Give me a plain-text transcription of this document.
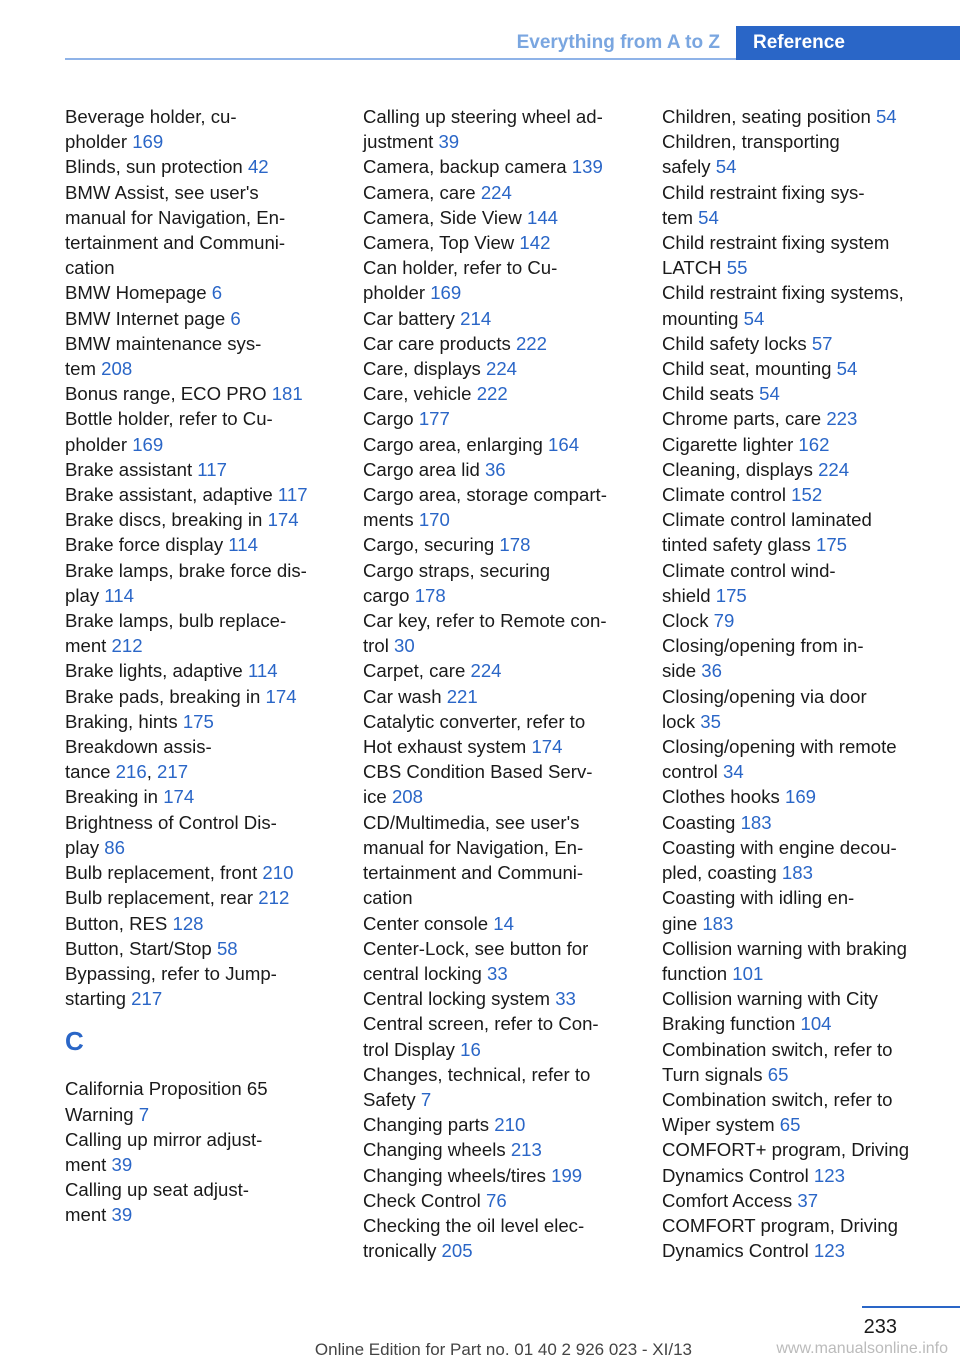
Everything from A to Z	Reference
Beverage holder, cu-
pholder 169
Blinds, sun protection 42
BMW Assist, see user's
manual for Navigation, En-
tertainment and Communi-
cation
BMW Homepage 6
BMW Internet page 6
BMW maintenance sys-
tem 208
Bonus range, ECO PRO 181
Bottle holder, refer to Cu-
pholder 169
Brake assistant 117
Brake assistant, adaptive 117
Brake discs, breaking in 174
Brake force display 114
Brake lamps, brake force dis-
play 114
Brake lamps, bulb replace-
ment 212
Brake lights, adaptive 114
Brake pads, breaking in 174
Braking, hints 175
Breakdown assis-
tance 216, 217
Breaking in 174
Brightness of Control Dis-
play 86
Bulb replacement, front 210
Bulb replacement, rear 212
Button, RES 128
Button, Start/Stop 58
Bypassing, refer to Jump-
starting 217
C
California Proposition 65
Warning 7
Calling up mirror adjust-
ment 39
Calling up seat adjust-
ment 39
Calling up steering wheel ad-
justment 39
Camera, backup camera 139
Camera, care 224
Camera, Side View 144
Camera, Top View 142
Can holder, refer to Cu-
pholder 169
Car battery 214
Car care products 222
Care, displays 224
Care, vehicle 222
Cargo 177
Cargo area, enlarging 164
Cargo area lid 36
Cargo area, storage compart-
ments 170
Cargo, securing 178
Cargo straps, securing
cargo 178
Car key, refer to Remote con-
trol 30
Carpet, care 224
Car wash 221
Catalytic converter, refer to
Hot exhaust system 174
CBS Condition Based Serv-
ice 208
CD/Multimedia, see user's
manual for Navigation, En-
tertainment and Communi-
cation
Center console 14
Center-Lock, see button for
central locking 33
Central locking system 33
Central screen, refer to Con-
trol Display 16
Changes, technical, refer to
Safety 7
Changing parts 210
Changing wheels 213
Changing wheels/tires 199
Check Control 76
Checking the oil level elec-
tronically 205
Children, seating position 54
Children, transporting
safely 54
Child restraint fixing sys-
tem 54
Child restraint fixing system
LATCH 55
Child restraint fixing systems,
mounting 54
Child safety locks 57
Child seat, mounting 54
Child seats 54
Chrome parts, care 223
Cigarette lighter 162
Cleaning, displays 224
Climate control 152
Climate control laminated
tinted safety glass 175
Climate control wind-
shield 175
Clock 79
Closing/opening from in-
side 36
Closing/opening via door
lock 35
Closing/opening with remote
control 34
Clothes hooks 169
Coasting 183
Coasting with engine decou-
pled, coasting 183
Coasting with idling en-
gine 183
Collision warning with braking
function 101
Collision warning with City
Braking function 104
Combination switch, refer to
Turn signals 65
Combination switch, refer to
Wiper system 65
COMFORT+ program, Driving
Dynamics Control 123
Comfort Access 37
COMFORT program, Driving
Dynamics Control 123
233
Online Edition for Part no. 01 40 2 926 023 - XI/13	www.manualsonline.info
